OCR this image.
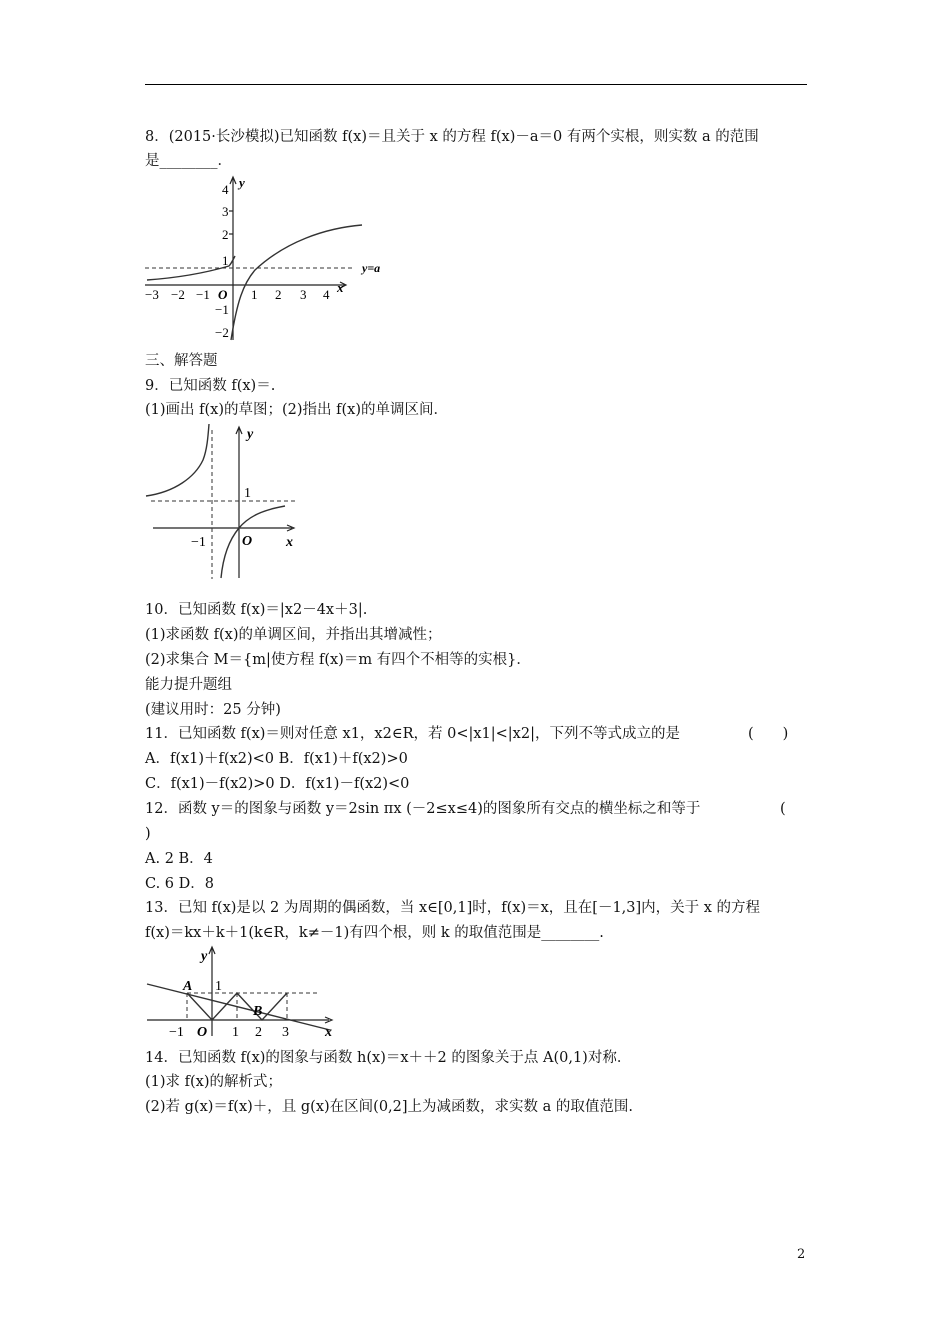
8．(2015·长沙模拟)已知函数 f(x)＝且关于 x 的方程 f(x)－a＝0 有两个实根，则实数 a 的范围
是________．
y
x
O
y=a
−3 −2 −1	1 2 3 4
4
3
2
1
−1
−2
三、解答题
9．已知函数 f(x)＝.
(1)画出 f(x)的草图；(2)指出 f(x)的单调区间．
y
x
O
1
−1
10．已知函数 f(x)＝|x2－4x＋3|.
(1)求函数 f(x)的单调区间，并指出其增减性；
(2)求集合 M＝{m|使方程 f(x)＝m 有四个不相等的实根}．
能力提升题组
(建议用时：25 分钟)
11．已知函数 f(x)＝则对任意 x1，x2∈R，若 0<|x1|<|x2|，下列不等式成立的是	(　　)
A．f(x1)＋f(x2)<0 B．f(x1)＋f(x2)>0
C．f(x1)－f(x2)>0 D．f(x1)－f(x2)<0
12．函数 y＝的图象与函数 y＝2sin πx (－2≤x≤4)的图象所有交点的横坐标之和等于	(
)
A. 2 B．4
C. 6 D．8
13．已知 f(x)是以 2 为周期的偶函数，当 x∈[0,1]时，f(x)＝x，且在[－1,3]内，关于 x 的方程
f(x)＝kx＋k＋1(k∈R，k≠－1)有四个根，则 k 的取值范围是________.
y
x
O
A
B
1
−1	1 2 3
14．已知函数 f(x)的图象与函数 h(x)＝x＋＋2 的图象关于点 A(0,1)对称．
(1)求 f(x)的解析式；
(2)若 g(x)＝f(x)＋，且 g(x)在区间(0,2]上为减函数，求实数 a 的取值范围.
2
